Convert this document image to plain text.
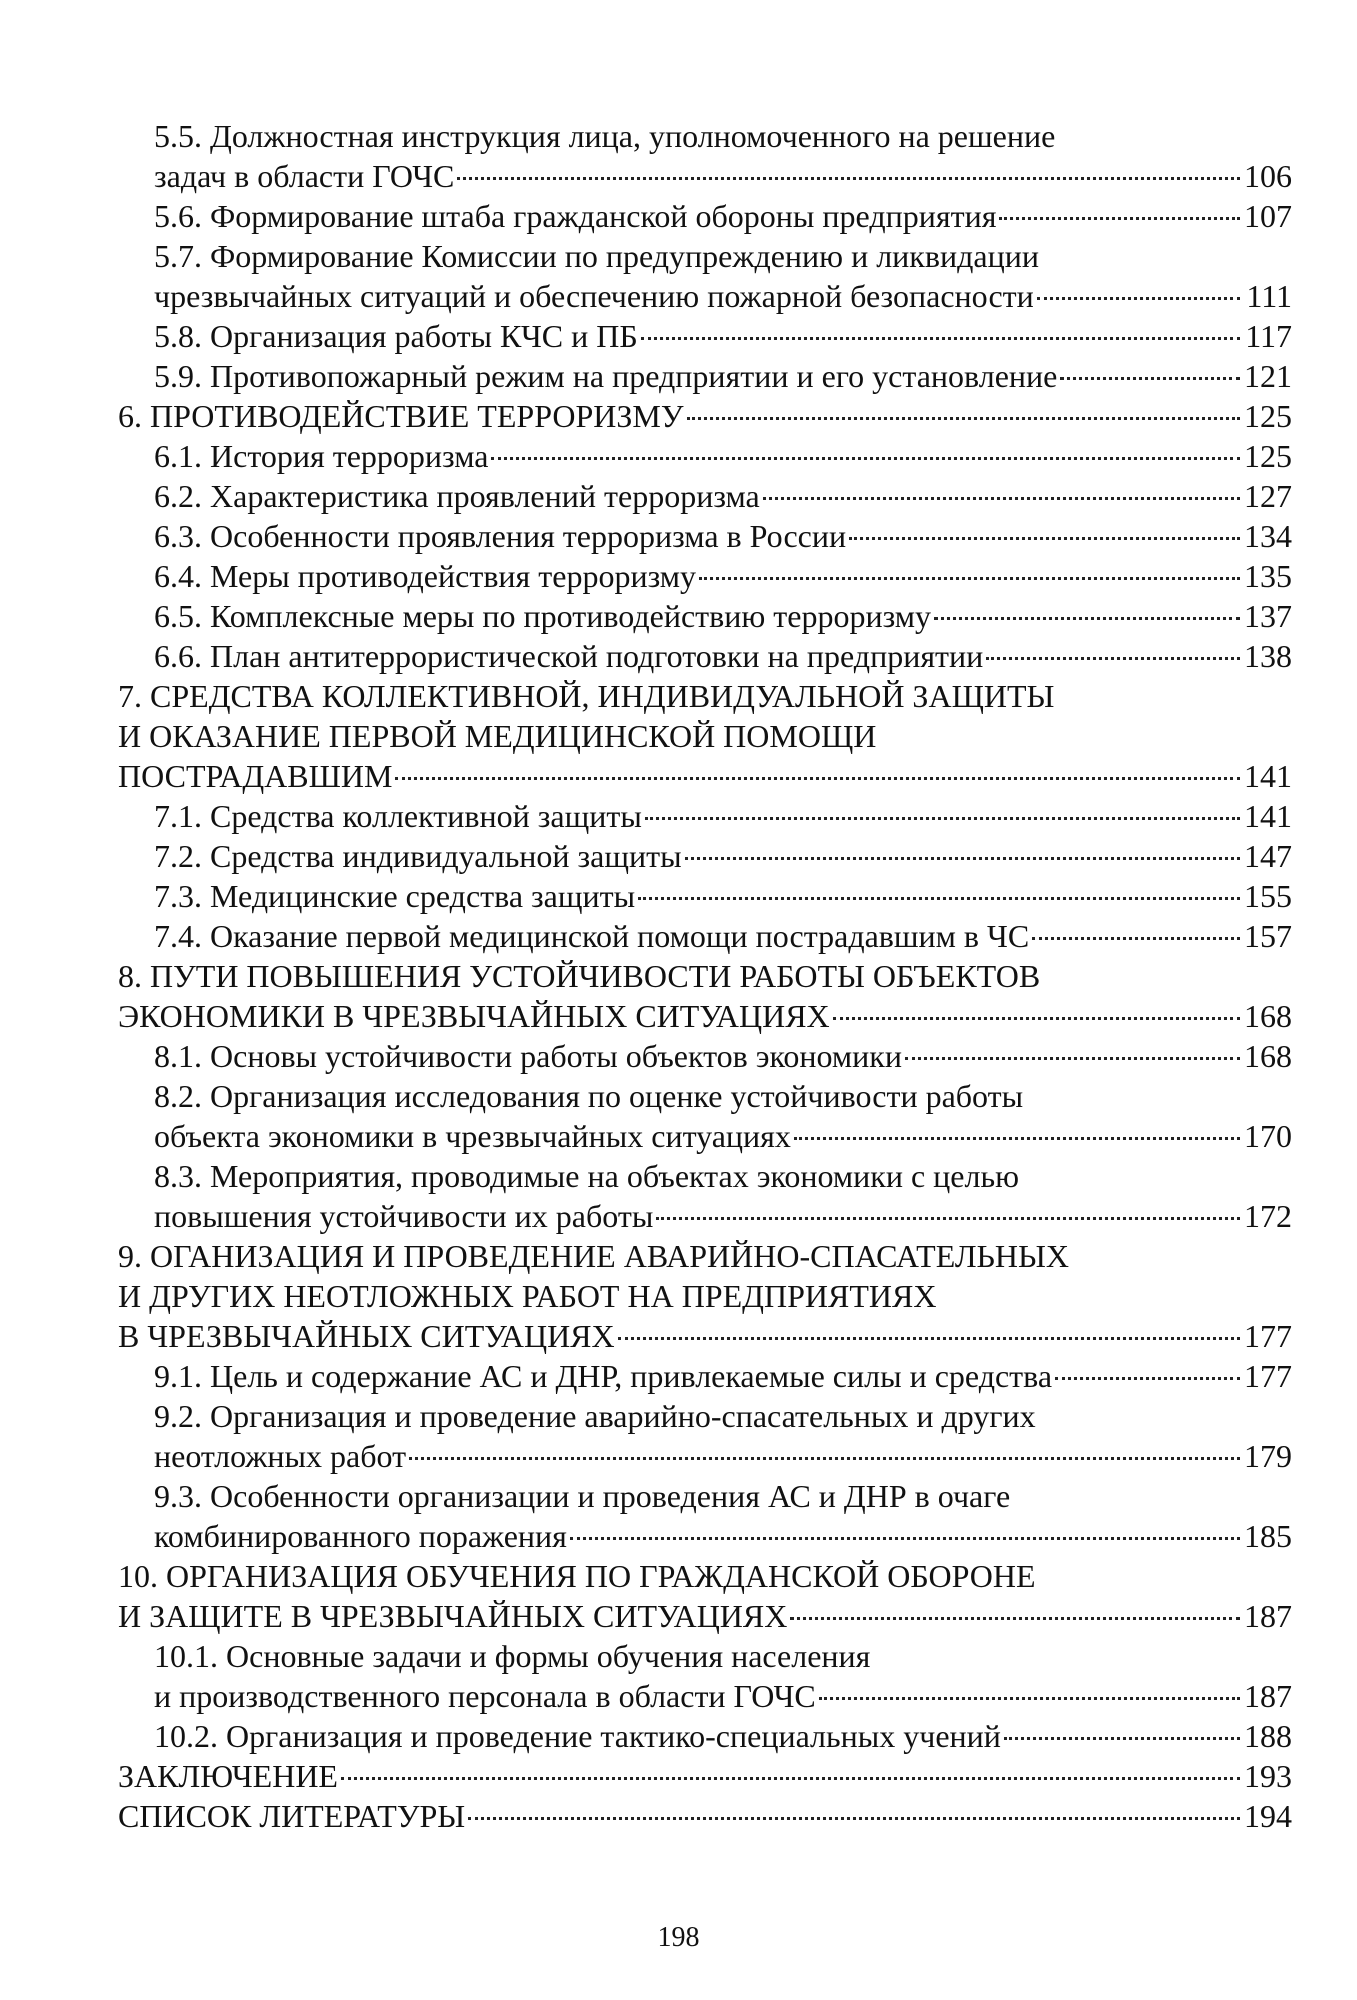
5.5. Должностная инструкция лица, уполномоченного на решение
задач в области ГОЧС	106
5.6. Формирование штаба гражданской обороны предприятия	107
5.7. Формирование Комиссии по предупреждению и ликвидации
чрезвычайных ситуаций и обеспечению пожарной безопасности	111
5.8. Организация работы КЧС и ПБ	117
5.9. Противопожарный режим на предприятии и его установление	121
6. ПРОТИВОДЕЙСТВИЕ ТЕРРОРИЗМУ	125
6.1. История терроризма	125
6.2. Характеристика проявлений терроризма	127
6.3. Особенности проявления терроризма в России	134
6.4. Меры противодействия терроризму	135
6.5. Комплексные меры по противодействию терроризму	137
6.6. План антитеррористической подготовки на предприятии	138
7. СРЕДСТВА КОЛЛЕКТИВНОЙ, ИНДИВИДУАЛЬНОЙ ЗАЩИТЫ
И ОКАЗАНИЕ ПЕРВОЙ МЕДИЦИНСКОЙ ПОМОЩИ
ПОСТРАДАВШИМ	141
7.1. Средства коллективной защиты	141
7.2. Средства индивидуальной защиты	147
7.3. Медицинские средства защиты	155
7.4. Оказание первой медицинской помощи пострадавшим в ЧС	157
8. ПУТИ ПОВЫШЕНИЯ УСТОЙЧИВОСТИ РАБОТЫ ОБЪЕКТОВ
ЭКОНОМИКИ В ЧРЕЗВЫЧАЙНЫХ СИТУАЦИЯХ	168
8.1. Основы устойчивости работы объектов экономики	168
8.2. Организация исследования по оценке устойчивости работы
объекта экономики в чрезвычайных ситуациях	170
8.3. Мероприятия, проводимые на объектах экономики с целью
повышения устойчивости их работы	172
9. ОГАНИЗАЦИЯ И ПРОВЕДЕНИЕ АВАРИЙНО-СПАСАТЕЛЬНЫХ
И ДРУГИХ НЕОТЛОЖНЫХ РАБОТ НА ПРЕДПРИЯТИЯХ
В ЧРЕЗВЫЧАЙНЫХ СИТУАЦИЯХ	177
9.1. Цель и содержание АС и ДНР, привлекаемые силы и средства	177
9.2. Организация и проведение аварийно-спасательных и других
неотложных работ	179
9.3. Особенности организации и проведения АС и ДНР в очаге
комбинированного поражения	185
10. ОРГАНИЗАЦИЯ ОБУЧЕНИЯ ПО ГРАЖДАНСКОЙ ОБОРОНЕ
И ЗАЩИТЕ В ЧРЕЗВЫЧАЙНЫХ СИТУАЦИЯХ	187
10.1. Основные задачи и формы обучения населения
и производственного персонала в области ГОЧС	187
10.2. Организация и проведение тактико-специальных учений	188
ЗАКЛЮЧЕНИЕ	193
СПИСОК ЛИТЕРАТУРЫ	194
198
